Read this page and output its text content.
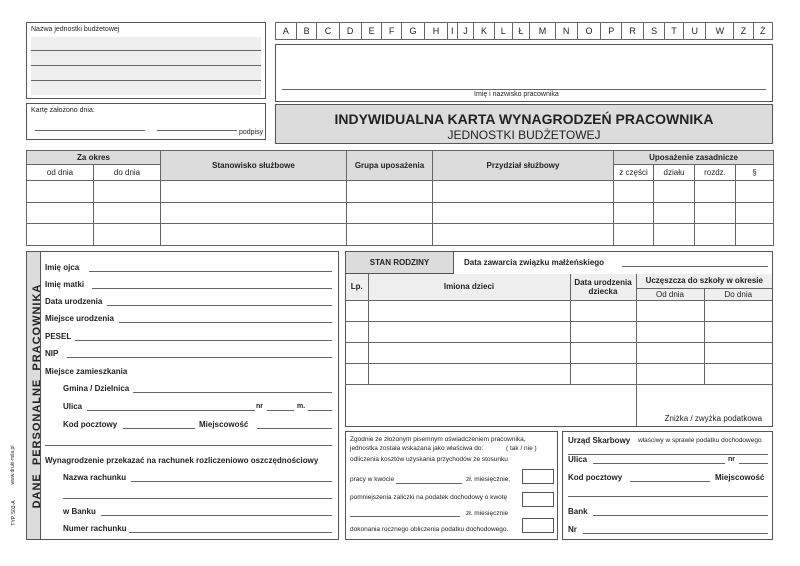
Nazwa jednostki budżetowej
Kartę założono dnia:
podpisy
A	B	C	D	E	F	G	H	I	J	K	L	Ł	M	N	O	P	R	S	T	U	W	Z	Ż
Imię i nazwisko pracownika
INDYWIDUALNA KARTA WYNAGRODZEŃ PRACOWNIKA
JEDNOSTKI BUDŻETOWEJ
Za okres		Stanowisko służbowe	Grupa uposażenia	Przydział służbowy	Uposażenie zasadnicze			
od dnia	do dnia				z części	działu	rozdz.	§

DANE  PERSONALNE  PRACOWNIKA
Imię ojca
Imię matki
Data urodzenia
Miejsce urodzenia
PESEL
NIP
Miejsce zamieszkania
Gmina / Dzielnica
Ulica	nr	m.
Kod pocztowy	Miejscowość
Wynagrodzenie przekazać na rachunek rozliczeniowo oszczędnościowy
Nazwa rachunku
w Banku
Numer rachunku
TYP. 503-A
www.druki-mila.pl
STAN RODZINY	Data zawarcia związku małżeńskiego
Lp.	Imiona dzieci	Data urodzenia dziecka	Uczęszcza do szkoły w okresie	
			Od dnia	Do dnia

			Zniżka / zwyżka podatkowa	
Zgodnie ze złożonym pisemnym oświadczeniem pracownika,
jednostka została wskazana jako właściwa do:	( tak / nie )
odliczenia kosztów uzyskania przychodów ze stosunku
pracy w kwocie	zł. miesięcznie,
pomniejszenia zaliczki na podatek dochodowy o kwotę
zł. miesięcznie
dokonania rocznego obliczenia podatku dochodowego.
Urząd Skarbowy właściwy w sprawie podatku dochodowego
Ulica	nr
Kod pocztowy	Miejscowość
Bank
Nr
